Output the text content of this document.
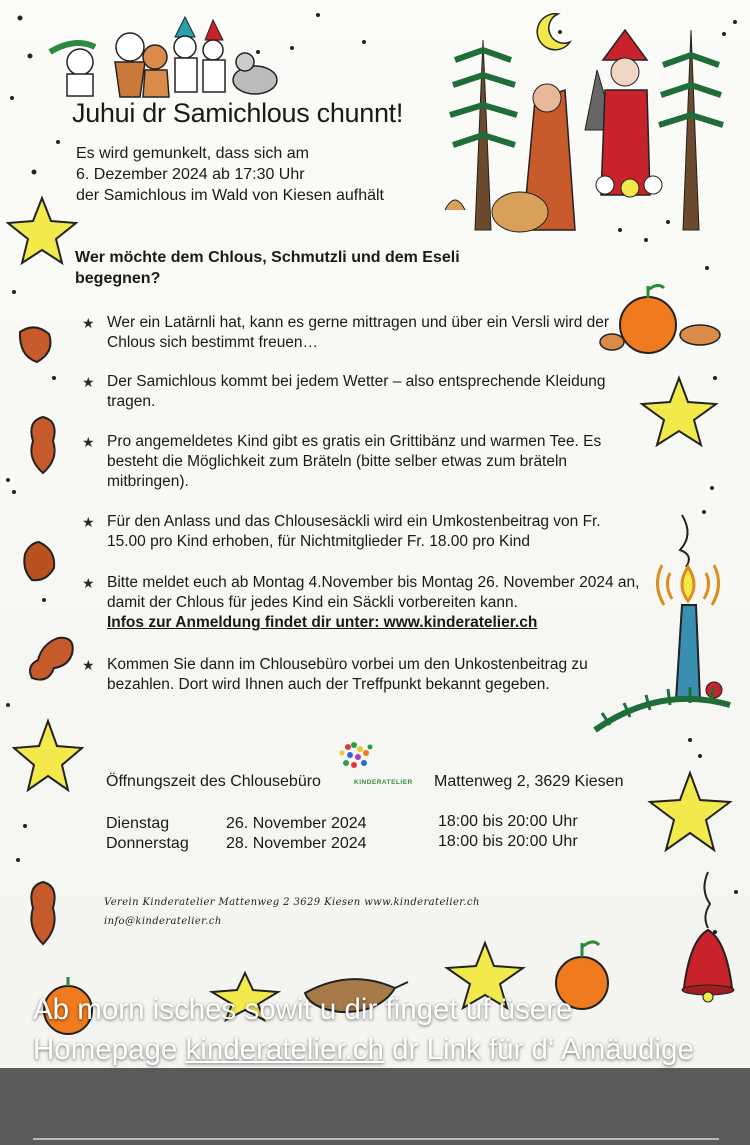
Juhui dr Samichlous chunnt!
Es wird gemunkelt, dass sich am
6. Dezember 2024 ab 17:30 Uhr
der Samichlous im Wald von Kiesen aufhält
Wer möchte dem Chlous, Schmutzli und dem Eseli begegnen?
★ Wer ein Latärnli hat, kann es gerne mittragen und über ein Versli wird der Chlous sich bestimmt freuen…
★ Der Samichlous kommt bei jedem Wetter – also entsprechende Kleidung tragen.
★ Pro angemeldetes Kind gibt es gratis ein Grittibänz und warmen Tee. Es besteht die Möglichkeit zum Bräteln (bitte selber etwas zum bräteln mitbringen).
★ Für den Anlass und das Chlousesäckli wird ein Umkostenbeitrag von Fr. 15.00 pro Kind erhoben, für Nichtmitglieder Fr. 18.00 pro Kind
★ Bitte meldet euch ab Montag 4.November bis Montag 26. November 2024 an, damit der Chlous für jedes Kind ein Säckli vorbereiten kann.
Infos zur Anmeldung findet dir unter: www.kinderatelier.ch
★ Kommen Sie dann im Chlousebüro vorbei um den Unkostenbeitrag zu bezahlen. Dort wird Ihnen auch der Treffpunkt bekannt gegeben.
Öffnungszeit des Chlousebüro	KINDERATELIER Mattenweg 2, 3629 Kiesen
Dienstag	26. November 2024	18:00 bis 20:00 Uhr
Donnerstag 28. November 2024	18:00 bis 20:00 Uhr
Verein Kinderatelier Mattenweg 2 3629 Kiesen www.kinderatelier.ch
info@kinderatelier.ch
Ab morn isches sowit u dir finget uf üsere Homepage kinderatelier.ch dr Link für d‘ Amäudige
